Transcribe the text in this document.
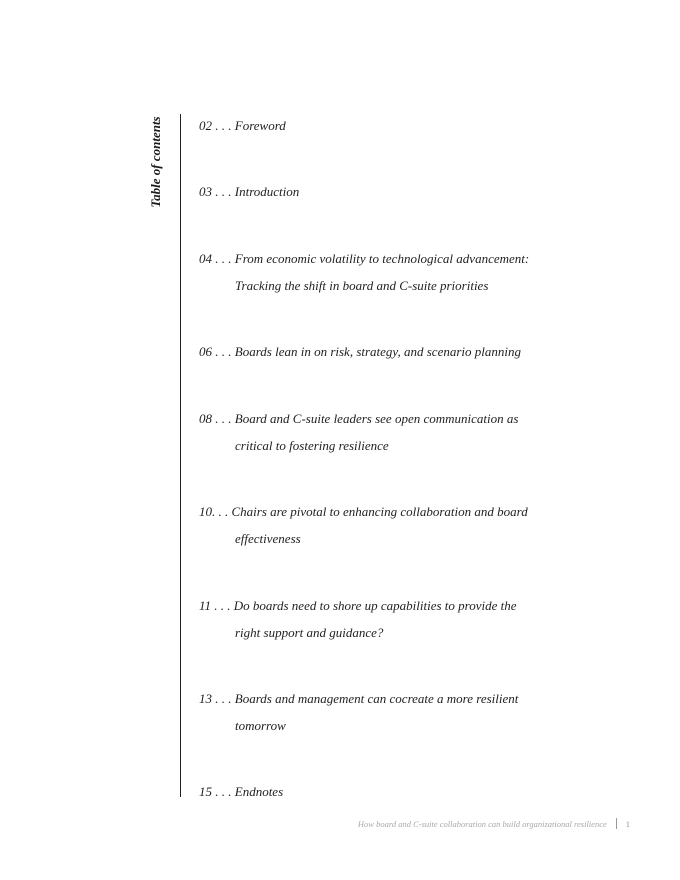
Table of contents	02 . . . Foreword
03 . . . Introduction
04 . . . From economic volatility to technological advancement:
Tracking the shift in board and C-suite priorities
06 . . . Boards lean in on risk, strategy, and scenario planning
08 . . . Board and C-suite leaders see open communication as
critical to fostering resilience
10. . . Chairs are pivotal to enhancing collaboration and board
effectiveness
11 . . . Do boards need to shore up capabilities to provide the
right support and guidance?
13 . . . Boards and management can cocreate a more resilient
tomorrow
15 . . . Endnotes
How board and C-suite collaboration can build organizational resilience 1
